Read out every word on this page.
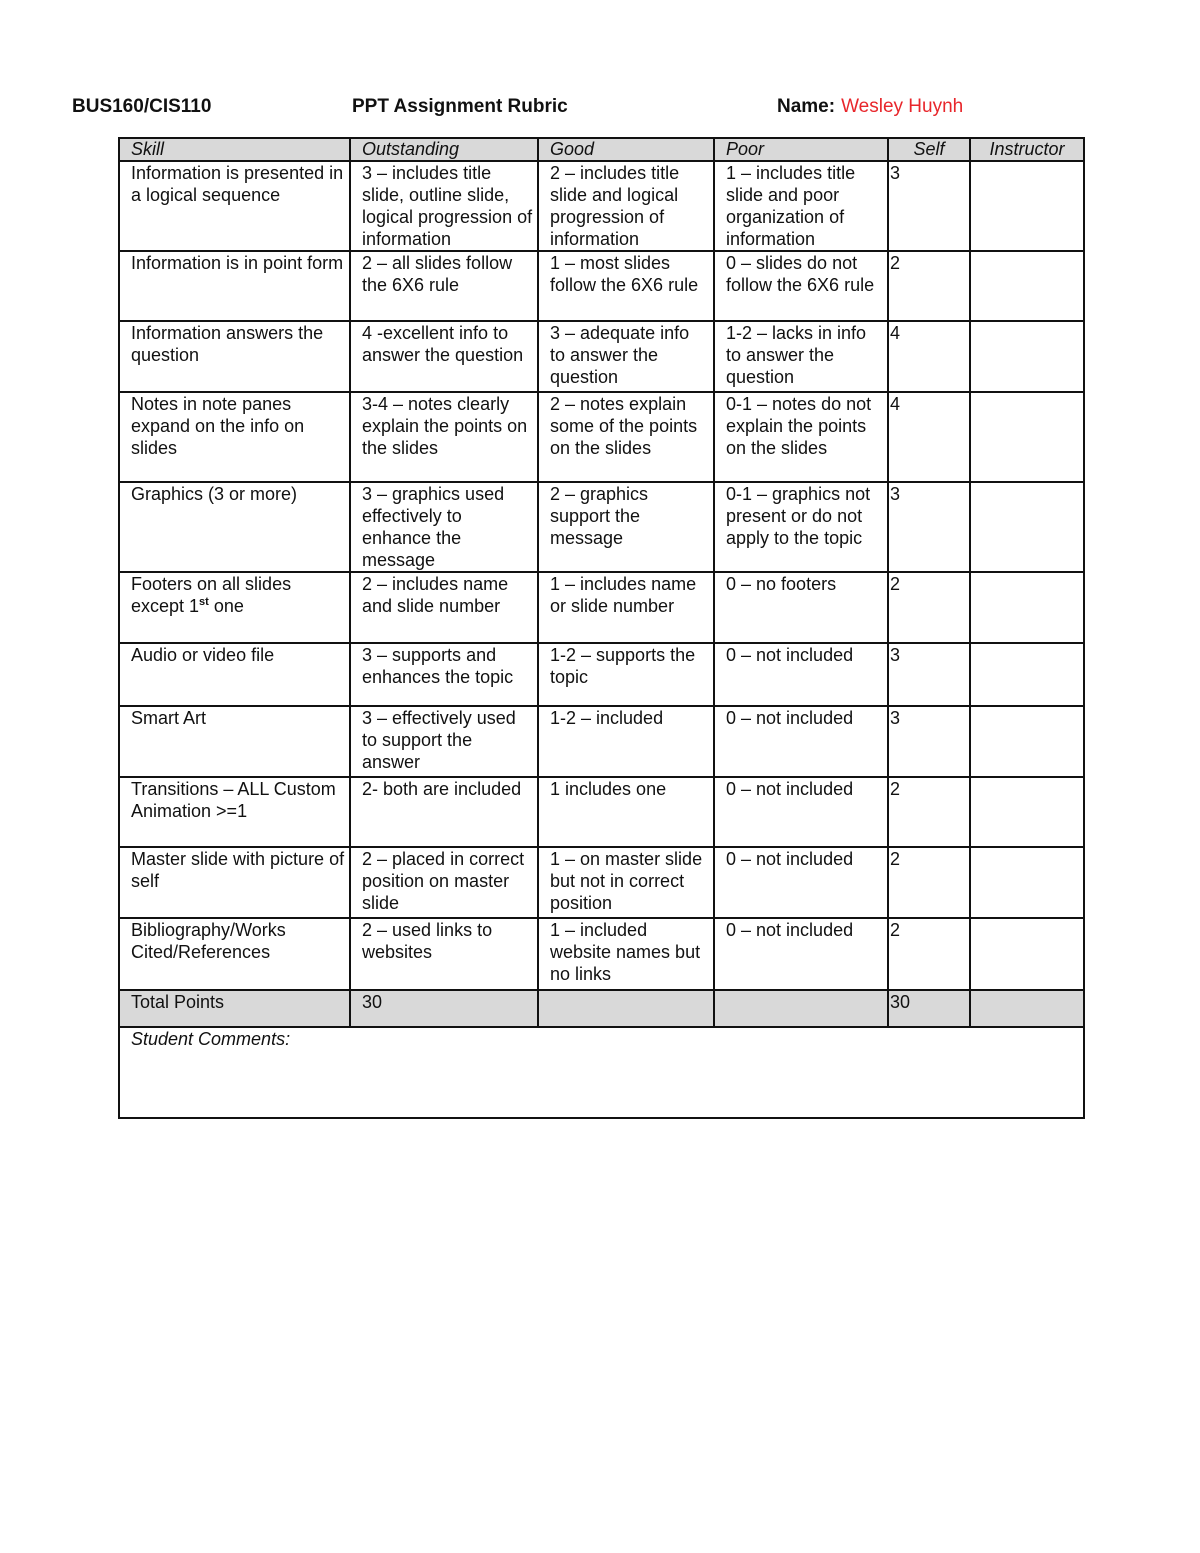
BUS160/CIS110	PPT Assignment Rubric	Name: Wesley Huynh
Skill	Outstanding	Good	Poor	Self	Instructor
Information is presented in a logical sequence	3 – includes title slide, outline slide, logical progression of information	2 – includes title slide and logical progression of information	1 – includes title slide and poor organization of information	3	
Information is in point form	2 – all slides follow the 6X6 rule	1 – most slides follow the 6X6 rule	0 – slides do not follow the 6X6 rule	2	
Information answers the question	4 -excellent info to answer the question	3 – adequate info to answer the question	1-2 – lacks in info to answer the question	4	
Notes in note panes expand on the info on slides	3-4 – notes clearly explain the points on the slides	2 – notes explain some of the points on the slides	0-1 – notes do not explain the points on the slides	4	
Graphics (3 or more)	3 – graphics used effectively to enhance the message	2 – graphics support the message	0-1 – graphics not present or do not apply to the topic	3	
Footers on all slides except 1st one	2 – includes name and slide number	1 – includes name or slide number	0 – no footers	2	
Audio or video file	3 – supports and enhances the topic	1-2 – supports the topic	0 – not included	3	
Smart Art	3 – effectively used to support the answer	1-2 – included	0 – not included	3	
Transitions – ALL Custom Animation >=1	2- both are included	1 includes one	0 – not included	2	
Master slide with picture of self	2 – placed in correct position on master slide	1 – on master slide but not in correct position	0 – not included	2	
Bibliography/Works Cited/References	2 – used links to websites	1 – included website names but no links	0 – not included	2	
Total Points	30			30	
Student Comments:					
